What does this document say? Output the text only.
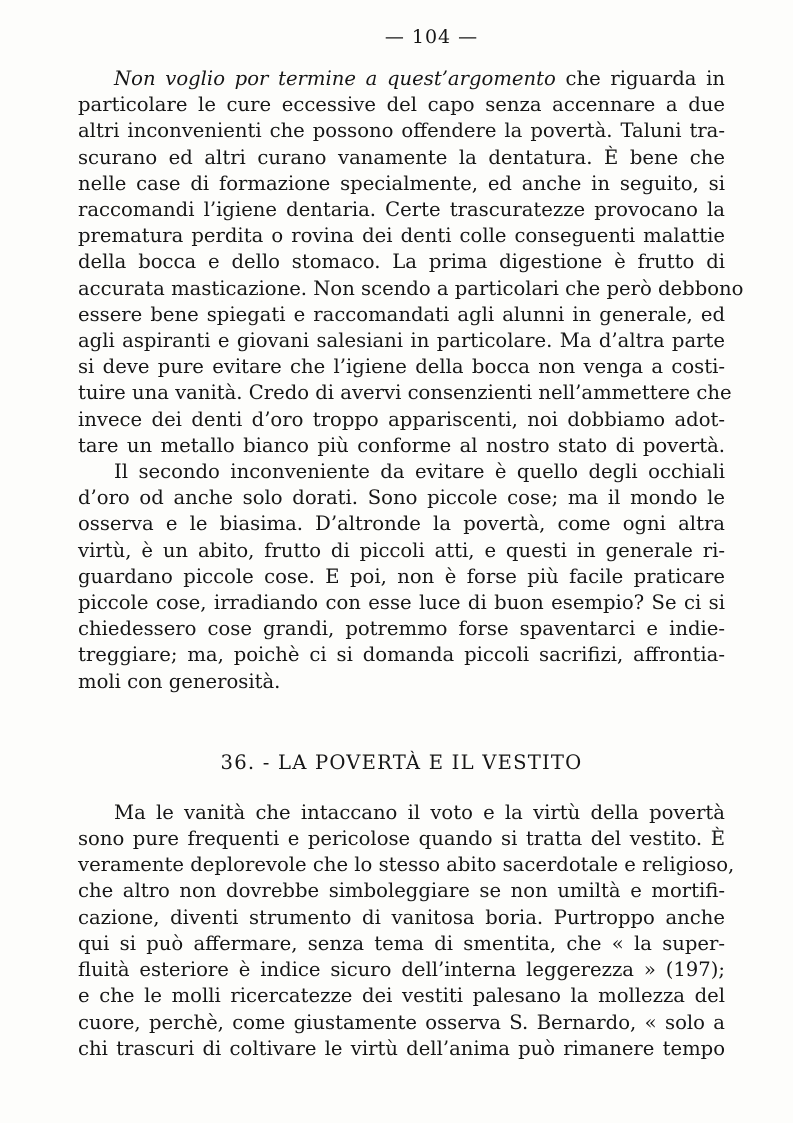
— 104 —

Non voglio por termine a quest’argomento che riguarda in
particolare le cure eccessive del capo senza accennare a due
altri inconvenienti che possono offendere la povertà. Taluni tra-
scurano ed altri curano vanamente la dentatura. È bene che
nelle case di formazione specialmente, ed anche in seguito, si
raccomandi l’igiene dentaria. Certe trascuratezze provocano la
prematura perdita o rovina dei denti colle conseguenti malattie
della bocca e dello stomaco. La prima digestione è frutto di
accurata masticazione. Non scendo a particolari che però debbono
essere bene spiegati e raccomandati agli alunni in generale, ed
agli aspiranti e giovani salesiani in particolare. Ma d’altra parte
si deve pure evitare che l’igiene della bocca non venga a costi-
tuire una vanità. Credo di avervi consenzienti nell’ammettere che
invece dei denti d’oro troppo appariscenti, noi dobbiamo adot-
tare un metallo bianco più conforme al nostro stato di povertà.

Il secondo inconveniente da evitare è quello degli occhiali
d’oro od anche solo dorati. Sono piccole cose; ma il mondo le
osserva e le biasima. D’altronde la povertà, come ogni altra
virtù, è un abito, frutto di piccoli atti, e questi in generale ri-
guardano piccole cose. E poi, non è forse più facile praticare
piccole cose, irradiando con esse luce di buon esempio? Se ci si
chiedessero cose grandi, potremmo forse spaventarci e indie-
treggiare; ma, poichè ci si domanda piccoli sacrifizi, affrontia-
moli con generosità.

36. - LA POVERTÀ E IL VESTITO

Ma le vanità che intaccano il voto e la virtù della povertà
sono pure frequenti e pericolose quando si tratta del vestito. È
veramente deplorevole che lo stesso abito sacerdotale e religioso,
che altro non dovrebbe simboleggiare se non umiltà e mortifi-
cazione, diventi strumento di vanitosa boria. Purtroppo anche
qui si può affermare, senza tema di smentita, che « la super-
fluità esteriore è indice sicuro dell’interna leggerezza » (197);
e che le molli ricercatezze dei vestiti palesano la mollezza del
cuore, perchè, come giustamente osserva S. Bernardo, « solo a
chi trascuri di coltivare le virtù dell’anima può rimanere tempo
